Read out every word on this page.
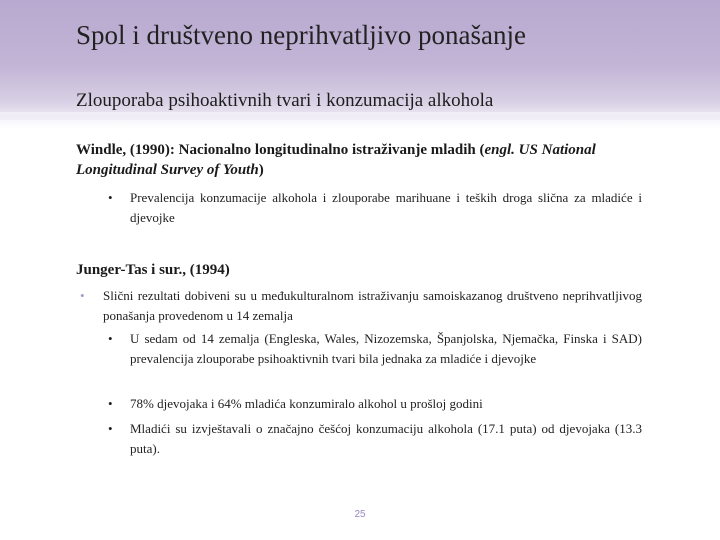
Spol i društveno neprihvatljivo ponašanje
Zlouporaba psihoaktivnih tvari i konzumacija alkohola

Windle, (1990): Nacionalno longitudinalno istraživanje mladih (engl. US National Longitudinal Survey of Youth)

• Prevalencija konzumacije alkohola i zlouporabe marihuane i teških droga slična za mladiće i djevojke

Junger-Tas i sur., (1994)

• Slični rezultati dobiveni su u međukulturalnom istraživanju samoiskazanog društveno neprihvatljivog ponašanja provedenom u 14 zemalja
• U sedam od 14 zemalja (Engleska, Wales, Nizozemska, Španjolska, Njemačka, Finska i SAD) prevalencija zlouporabe psihoaktivnih tvari bila jednaka za mladiće i djevojke
• 78% djevojaka i 64% mladića konzumiralo alkohol u prošloj godini
• Mladići su izvještavali o značajno češćoj konzumaciju alkohola (17.1 puta) od djevojaka (13.3 puta).
25
